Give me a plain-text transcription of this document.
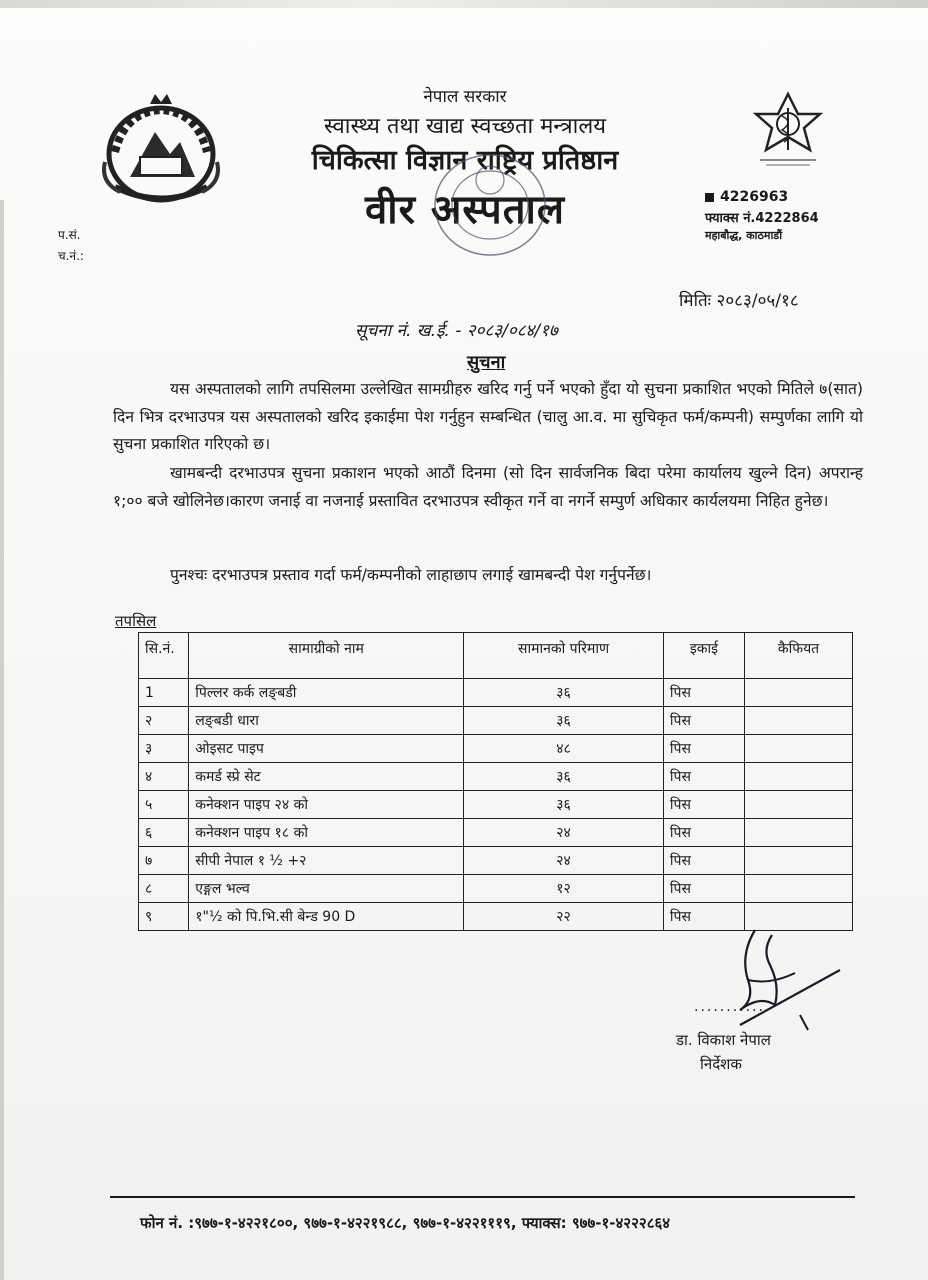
नेपाल सरकार
स्वास्थ्य तथा खाद्य स्वच्छता मन्त्रालय
चिकित्सा विज्ञान राष्ट्रिय प्रतिष्ठान
वीर अस्पताल	4226963
फ्याक्स नं.4222864
महाबौद्ध, काठमाडौं
प.सं.
च.नं.:
मितिः २०८३/०५/१८
सूचना नं. ख.ई. - २०८३/०८४/१७
सुचना
यस अस्पतालको लागि तपसिलमा उल्लेखित सामग्रीहरु खरिद गर्नु पर्ने भएको हुँदा यो सुचना प्रकाशित भएको मितिले ७(सात) दिन भित्र दरभाउपत्र यस अस्पतालको खरिद इकाईमा पेश गर्नुहुन सम्बन्धित (चालु आ.व. मा सुचिकृत फर्म/कम्पनी) सम्पुर्णका लागि यो सुचना प्रकाशित गरिएको छ।
खामबन्दी दरभाउपत्र सुचना प्रकाशन भएको आठौं दिनमा (सो दिन सार्वजनिक बिदा परेमा कार्यालय खुल्ने दिन) अपरान्ह १;०० बजे खोलिनेछ।कारण जनाई वा नजनाई प्रस्तावित दरभाउपत्र स्वीकृत गर्ने वा नगर्ने सम्पुर्ण अधिकार कार्यलयमा निहित हुनेछ।
पुनश्चः दरभाउपत्र प्रस्ताव गर्दा फर्म/कम्पनीको लाहाछाप लगाई खामबन्दी पेश गर्नुपर्नेछ।
तपसिल
सि.नं.	सामाग्रीको नाम	सामानको परिमाण	इकाई	कैफियत
1	पिल्लर कर्क लङ्बडी	३६	पिस	
२	लङ्बडी धारा	३६	पिस	
३	ओइसट पाइप	४८	पिस	
४	कमर्ड स्प्रे सेट	३६	पिस	
५	कनेक्शन पाइप २४ को	३६	पिस	
६	कनेक्शन पाइप १८ को	२४	पिस	
७	सीपी नेपाल १ ½ +२	२४	पिस	
८	एङ्गल भल्व	१२	पिस	
९	१"½ को पि.भि.सी बेन्ड 90 D	२२	पिस	
...........
डा. विकाश नेपाल
निर्देशक
फोन नं. :९७७-१-४२२१८००, ९७७-१-४२२१९८८, ९७७-१-४२२१११९, फ्याक्स: ९७७-१-४२२२८६४
